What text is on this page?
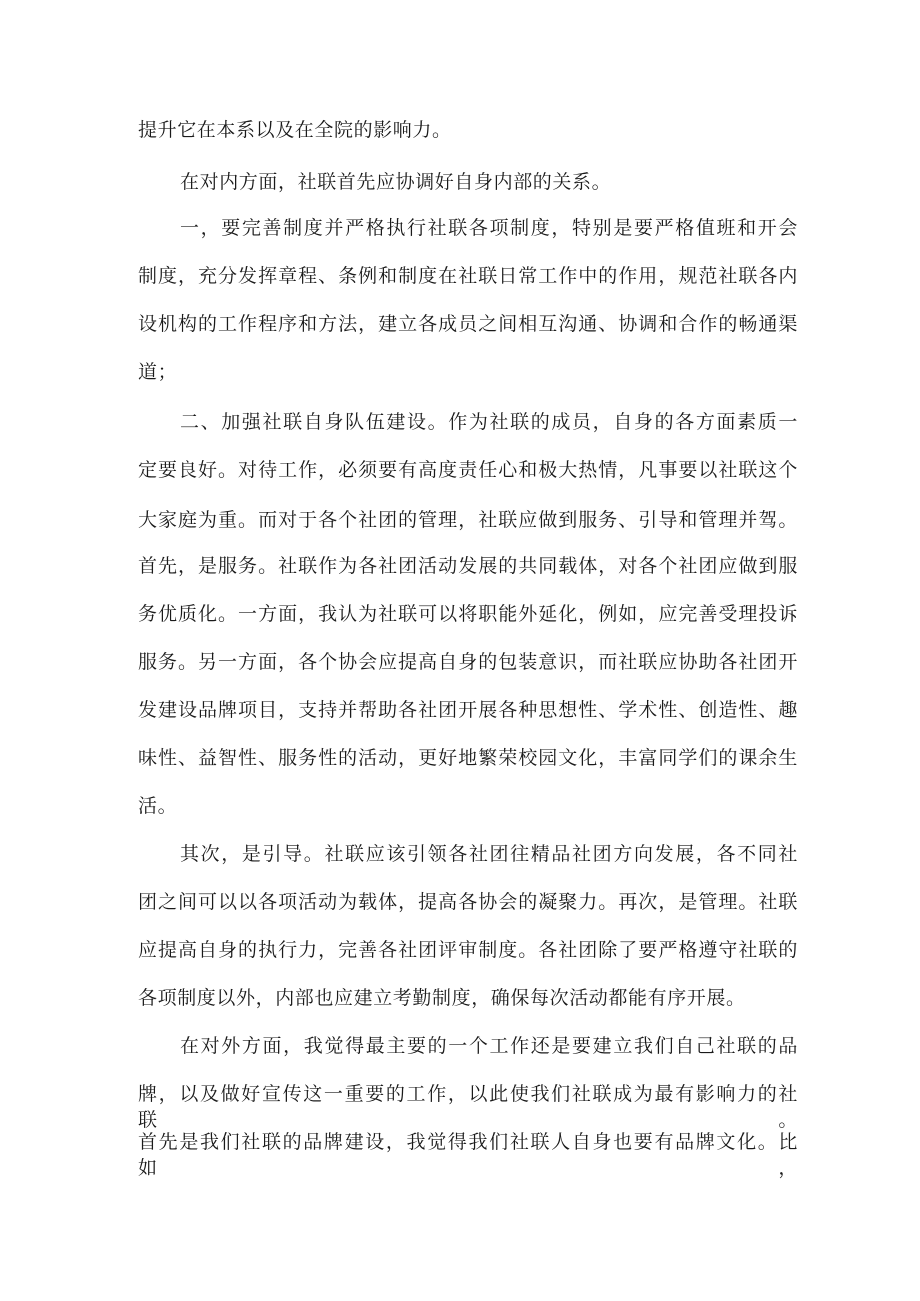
提升它在本系以及在全院的影响力。
在对内方面，社联首先应协调好自身内部的关系。
一，要完善制度并严格执行社联各项制度，特别是要严格值班和开会
制度，充分发挥章程、条例和制度在社联日常工作中的作用，规范社联各内
设机构的工作程序和方法，建立各成员之间相互沟通、协调和合作的畅通渠
道；
二、加强社联自身队伍建设。作为社联的成员，自身的各方面素质一
定要良好。对待工作，必须要有高度责任心和极大热情，凡事要以社联这个
大家庭为重。而对于各个社团的管理，社联应做到服务、引导和管理并驾。
首先，是服务。社联作为各社团活动发展的共同载体，对各个社团应做到服
务优质化。一方面，我认为社联可以将职能外延化，例如，应完善受理投诉
服务。另一方面，各个协会应提高自身的包装意识，而社联应协助各社团开
发建设品牌项目，支持并帮助各社团开展各种思想性、学术性、创造性、趣
味性、益智性、服务性的活动，更好地繁荣校园文化，丰富同学们的课余生
活。
其次，是引导。社联应该引领各社团往精品社团方向发展，各不同社
团之间可以以各项活动为载体，提高各协会的凝聚力。再次，是管理。社联
应提高自身的执行力，完善各社团评审制度。各社团除了要严格遵守社联的
各项制度以外，内部也应建立考勤制度，确保每次活动都能有序开展。
在对外方面，我觉得最主要的一个工作还是要建立我们自己社联的品
牌，以及做好宣传这一重要的工作，以此使我们社联成为最有影响力的社联。
首先是我们社联的品牌建设，我觉得我们社联人自身也要有品牌文化。比如，
